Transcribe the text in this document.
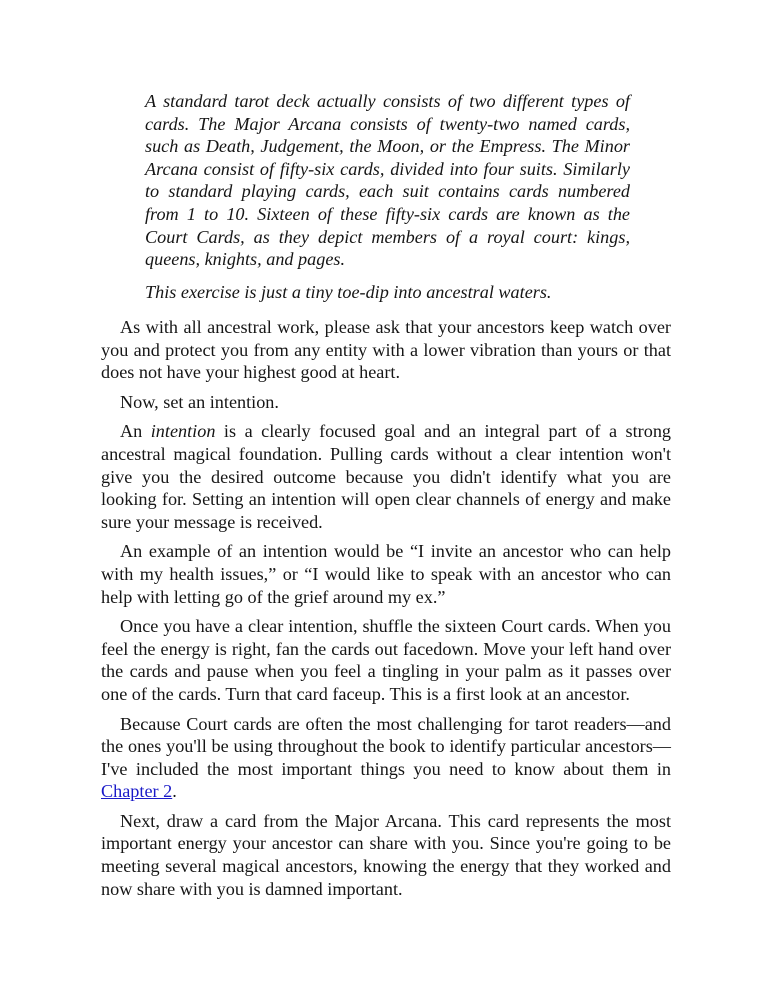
A standard tarot deck actually consists of two different types of cards. The Major Arcana consists of twenty-two named cards, such as Death, Judgement, the Moon, or the Empress. The Minor Arcana consist of fifty-six cards, divided into four suits. Similarly to standard playing cards, each suit contains cards numbered from 1 to 10. Sixteen of these fifty-six cards are known as the Court Cards, as they depict members of a royal court: kings, queens, knights, and pages.

This exercise is just a tiny toe-dip into ancestral waters.

As with all ancestral work, please ask that your ancestors keep watch over you and protect you from any entity with a lower vibration than yours or that does not have your highest good at heart.

Now, set an intention.

An intention is a clearly focused goal and an integral part of a strong ancestral magical foundation. Pulling cards without a clear intention won't give you the desired outcome because you didn't identify what you are looking for. Setting an intention will open clear channels of energy and make sure your message is received.

An example of an intention would be “I invite an ancestor who can help with my health issues,” or “I would like to speak with an ancestor who can help with letting go of the grief around my ex.”

Once you have a clear intention, shuffle the sixteen Court cards. When you feel the energy is right, fan the cards out facedown. Move your left hand over the cards and pause when you feel a tingling in your palm as it passes over one of the cards. Turn that card faceup. This is a first look at an ancestor.

Because Court cards are often the most challenging for tarot readers—and the ones you'll be using throughout the book to identify particular ancestors—I've included the most important things you need to know about them in Chapter 2.

Next, draw a card from the Major Arcana. This card represents the most important energy your ancestor can share with you. Since you're going to be meeting several magical ancestors, knowing the energy that they worked and now share with you is damned important.
